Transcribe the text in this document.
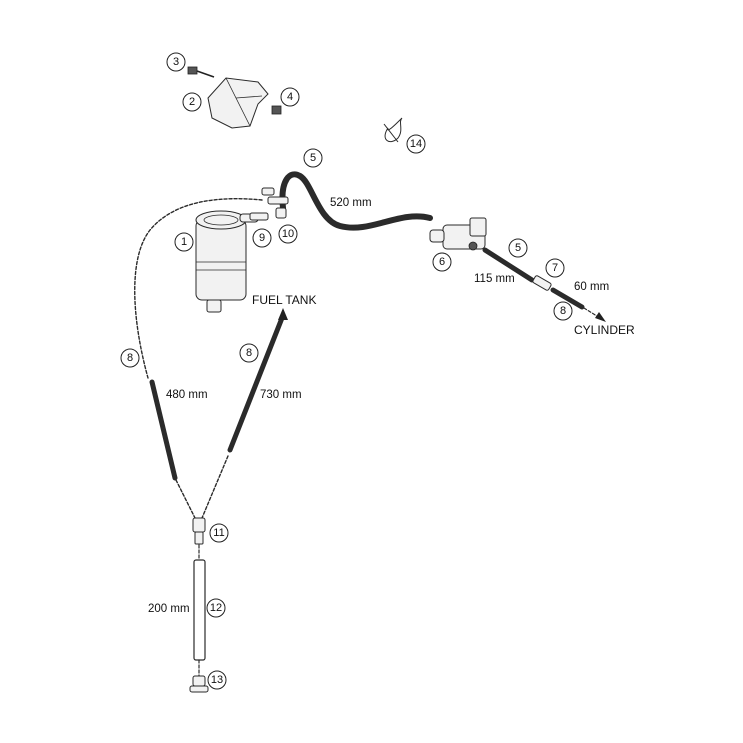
520 mm
115 mm
60 mm
480 mm	730 mm
200 mm
FUEL TANK
CYLINDER
3
2	4
14
5
1	9 10
6
5
7
8
8	8
11
12
13
